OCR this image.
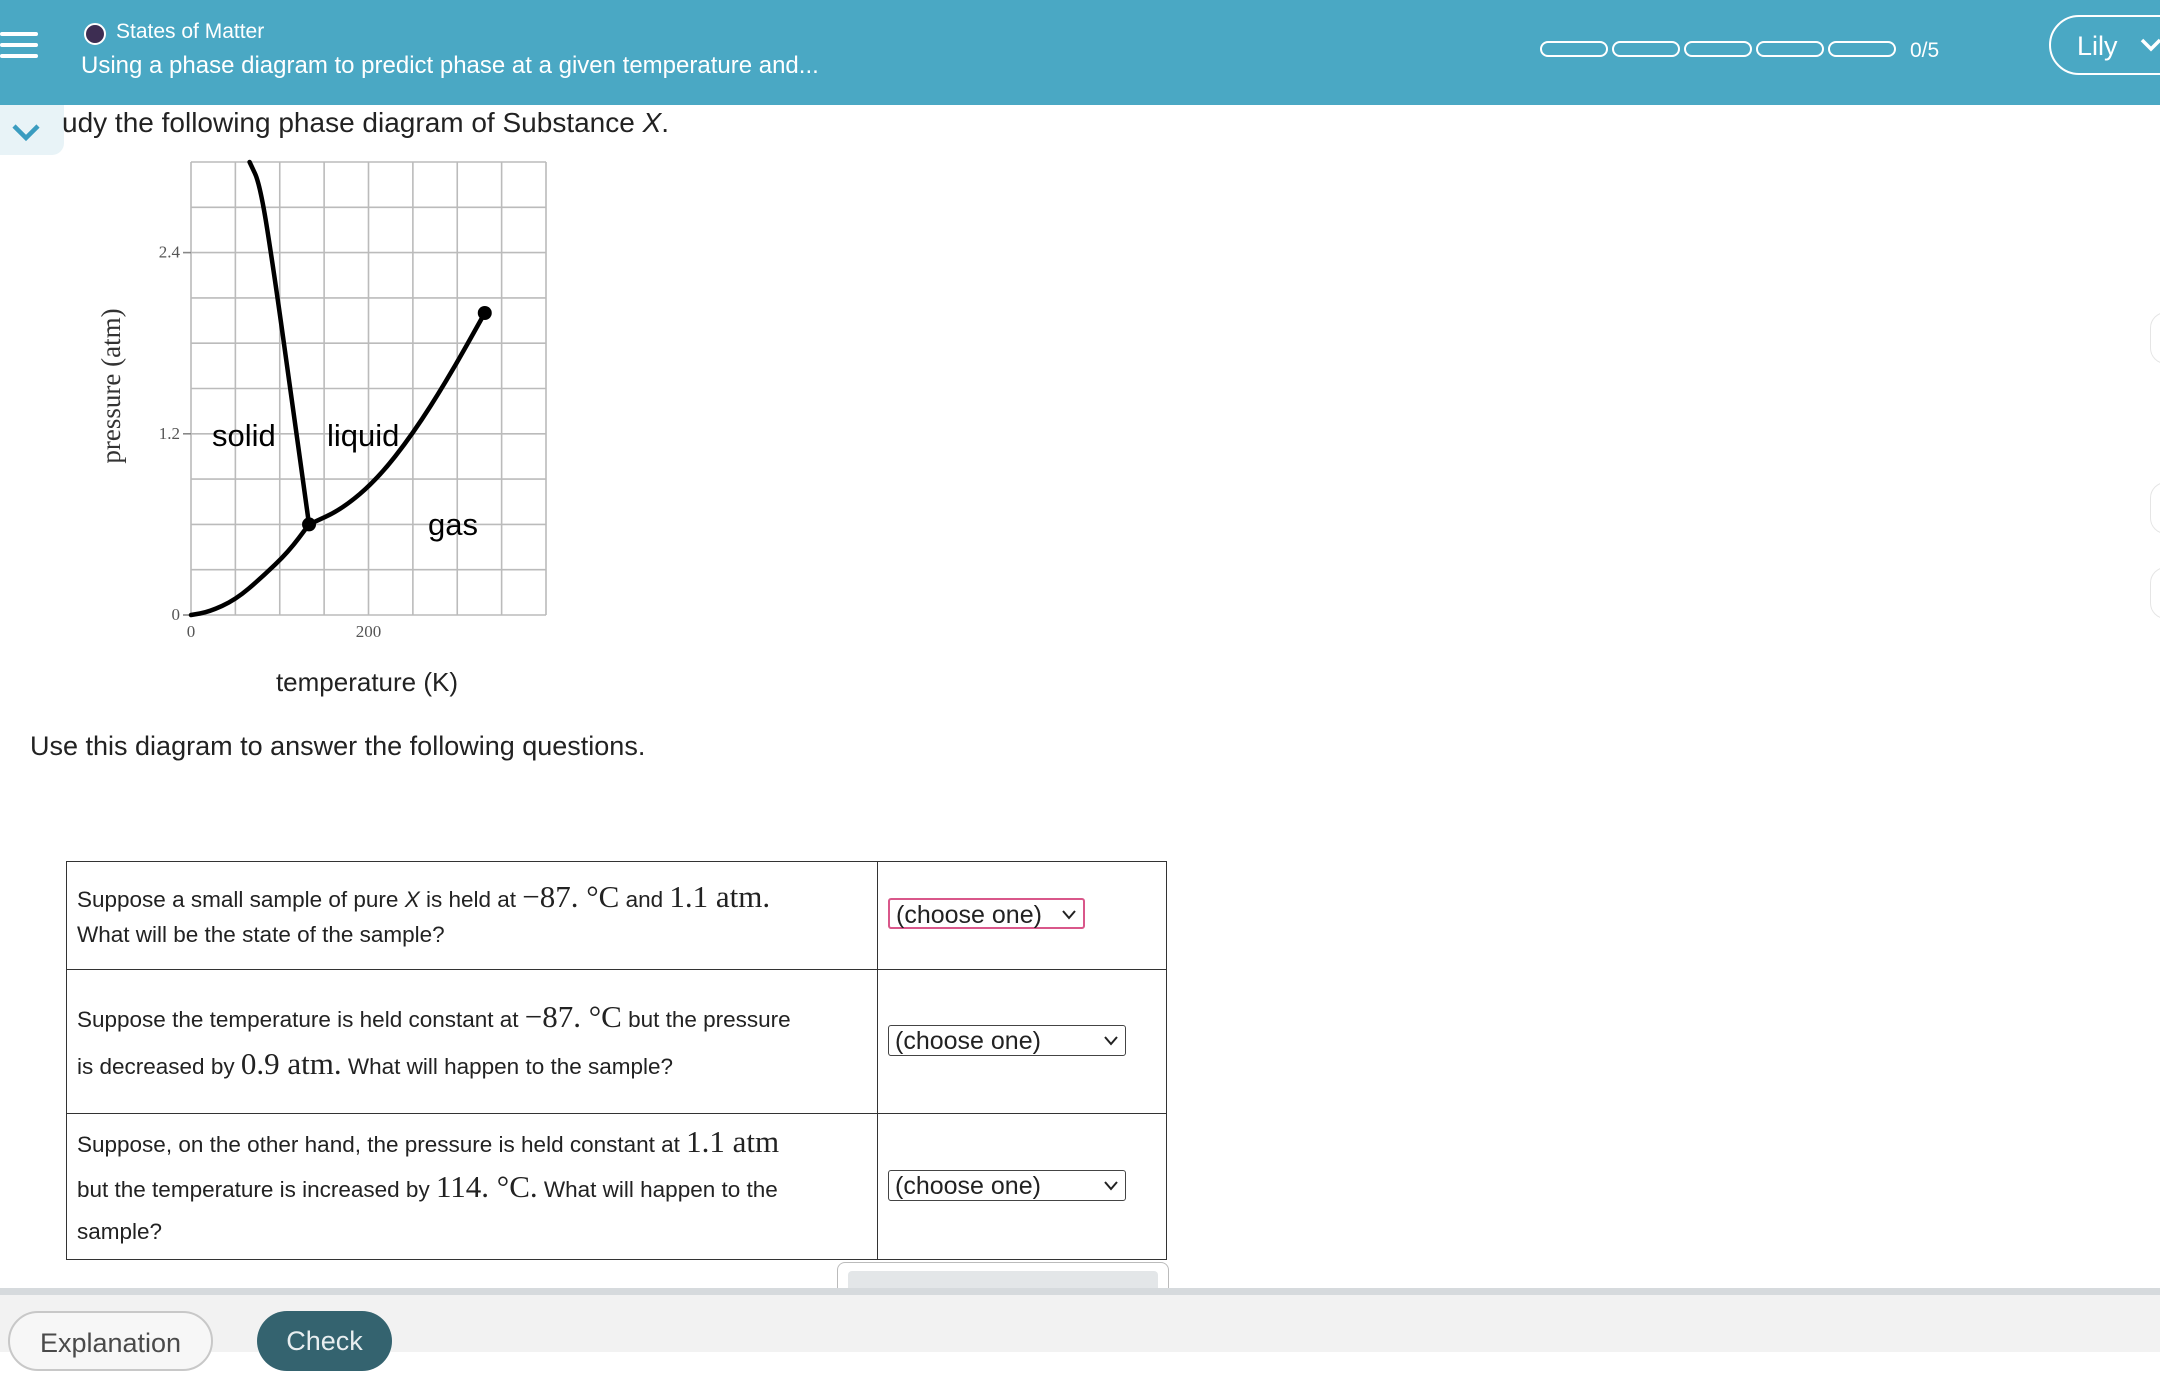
States of Matter
Using a phase diagram to predict phase at a given temperature and...
0/5	Lily
udy the following phase diagram of Substance X.
0	200
0
1.2
2.4
pressure (atm)
temperature (K)
solid liquid
gas
Use this diagram to answer the following questions.
Suppose a small sample of pure X is held at −87. °C and 1.1 atm.
What will be the state of the sample?	(choose one)

Suppose the temperature is held constant at −87. °C but the pressure
is decreased by 0.9 atm. What will happen to the sample?	(choose one)

Suppose, on the other hand, the pressure is held constant at 1.1 atm
but the temperature is increased by 114. °C. What will happen to the
sample?	(choose one)
Explanation	Check
